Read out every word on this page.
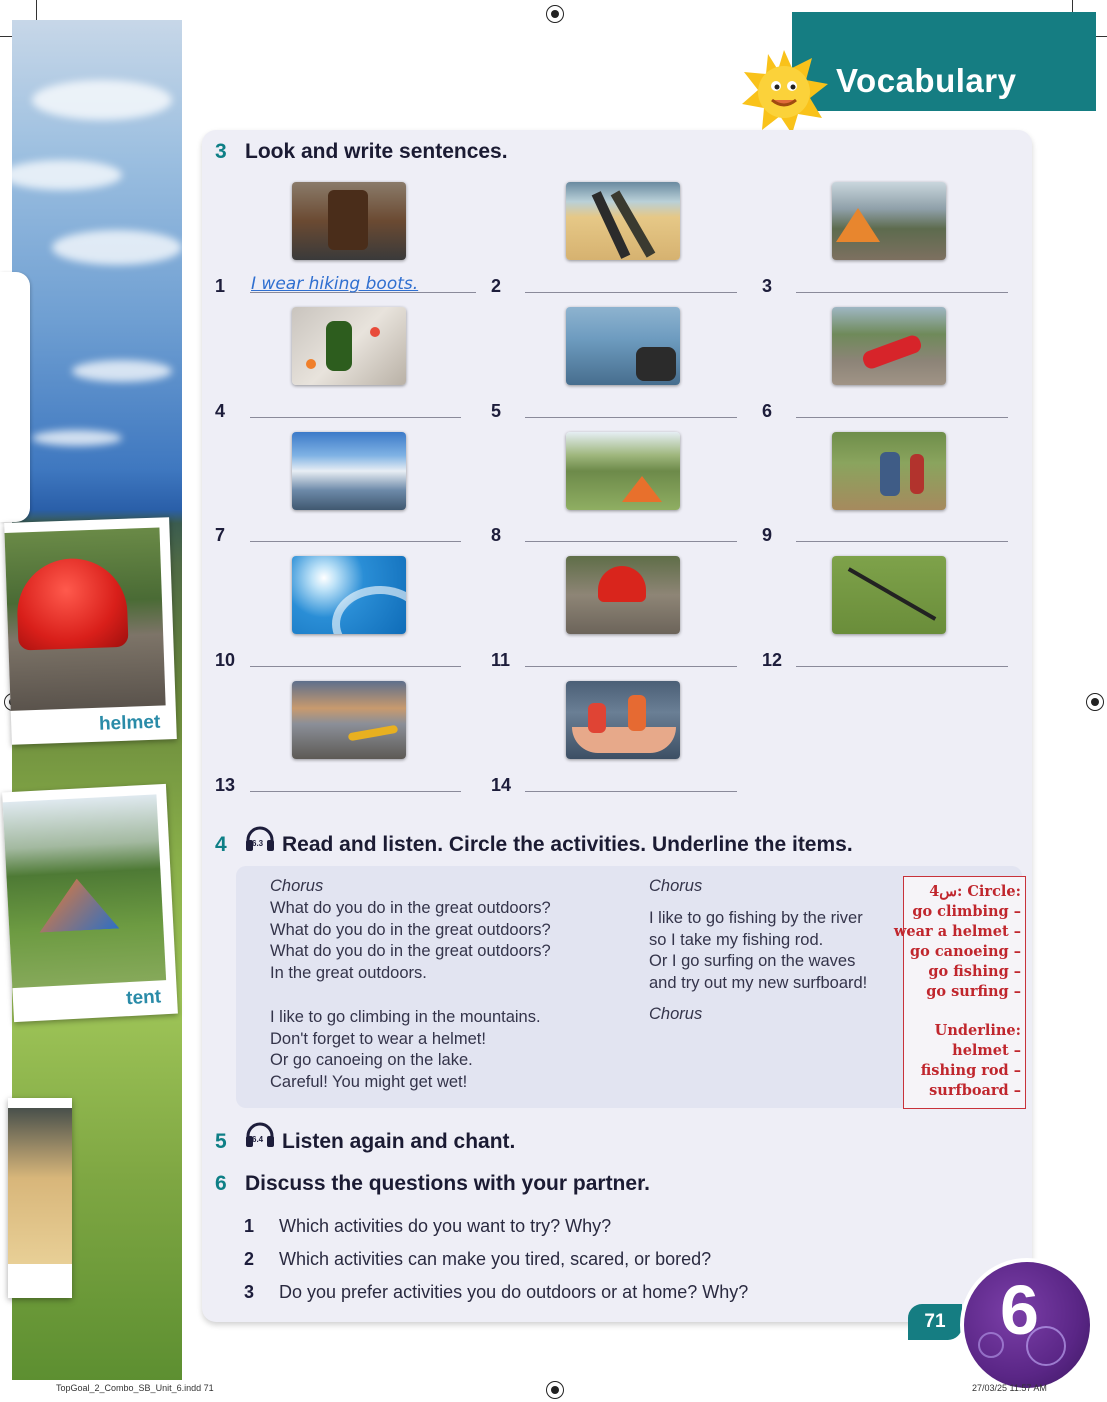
helmet
tent
Vocabulary
3 Look and write sentences.
1 I wear hiking boots.	2	3
4	5	6
7	8	9
10	11	12
13	14
4	6.3 Read and listen. Circle the activities. Underline the items.
Chorus
What do you do in the great outdoors?
What do you do in the great outdoors?
What do you do in the great outdoors?
In the great outdoors.
I like to go climbing in the mountains.
Don't forget to wear a helmet!
Or go canoeing on the lake.
Careful! You might get wet!
Chorus
I like to go fishing by the river
so I take my fishing rod.
Or I go surfing on the waves
and try out my new surfboard!
Chorus
س4: Circle:
go climbing –
wear a helmet –
go canoeing –
go fishing –
go surfing –
Underline:
helmet –
fishing rod –
surfboard –
5	6.4 Listen again and chant.
6 Discuss the questions with your partner.
1 Which activities do you want to try? Why?
2 Which activities can make you tired, scared, or bored?
3 Do you prefer activities you do outdoors or at home? Why?
71 6
TopGoal_2_Combo_SB_Unit_6.indd 71	27/03/25 11:57 AM
